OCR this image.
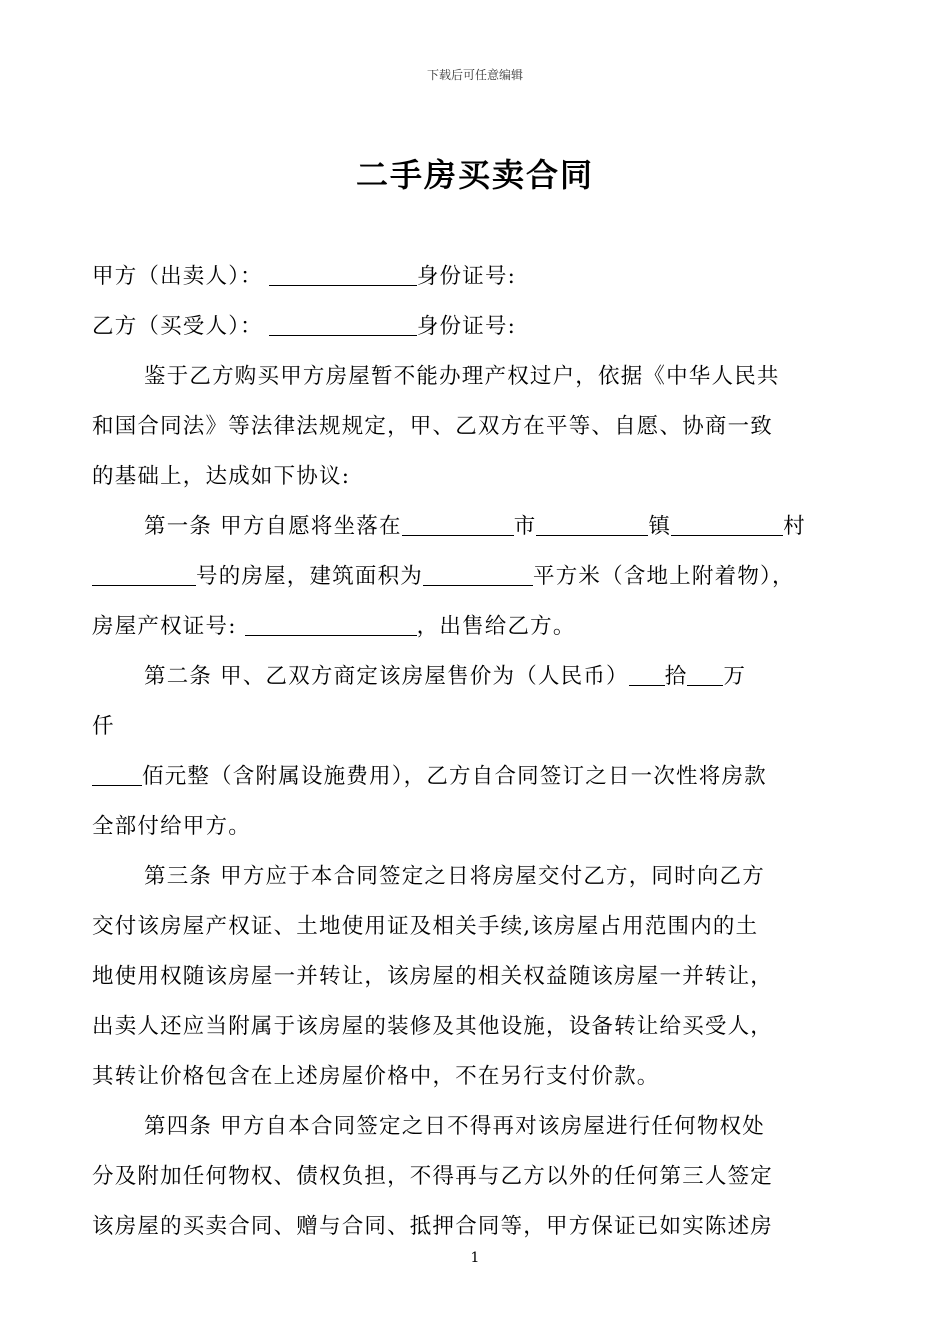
下载后可任意编辑
二手房买卖合同
甲方（出卖人）：	身份证号:
乙方（买受人）：	身份证号:
鉴于乙方购买甲方房屋暂不能办理产权过户，依据《中华人民共
和国合同法》等法律法规规定，甲、乙双方在平等、自愿、协商一致
的基础上，达成如下协议:
第一条 甲方自愿将坐落在	市	镇	村
号的房屋，建筑面积为	平方米（含地上附着物），
房屋产权证号:	，出售给乙方。
第二条 甲、乙双方商定该房屋售价为（人民币） 拾 万
仟
佰元整（含附属设施费用），乙方自合同签订之日一次性将房款
全部付给甲方。
第三条 甲方应于本合同签定之日将房屋交付乙方，同时向乙方
交付该房屋产权证、土地使用证及相关手续,该房屋占用范围内的土
地使用权随该房屋一并转让，该房屋的相关权益随该房屋一并转让，
出卖人还应当附属于该房屋的装修及其他设施，设备转让给买受人，
其转让价格包含在上述房屋价格中，不在另行支付价款。
第四条 甲方自本合同签定之日不得再对该房屋进行任何物权处
分及附加任何物权、债权负担，不得再与乙方以外的任何第三人签定
该房屋的买卖合同、赠与合同、抵押合同等，甲方保证已如实陈述房
1
